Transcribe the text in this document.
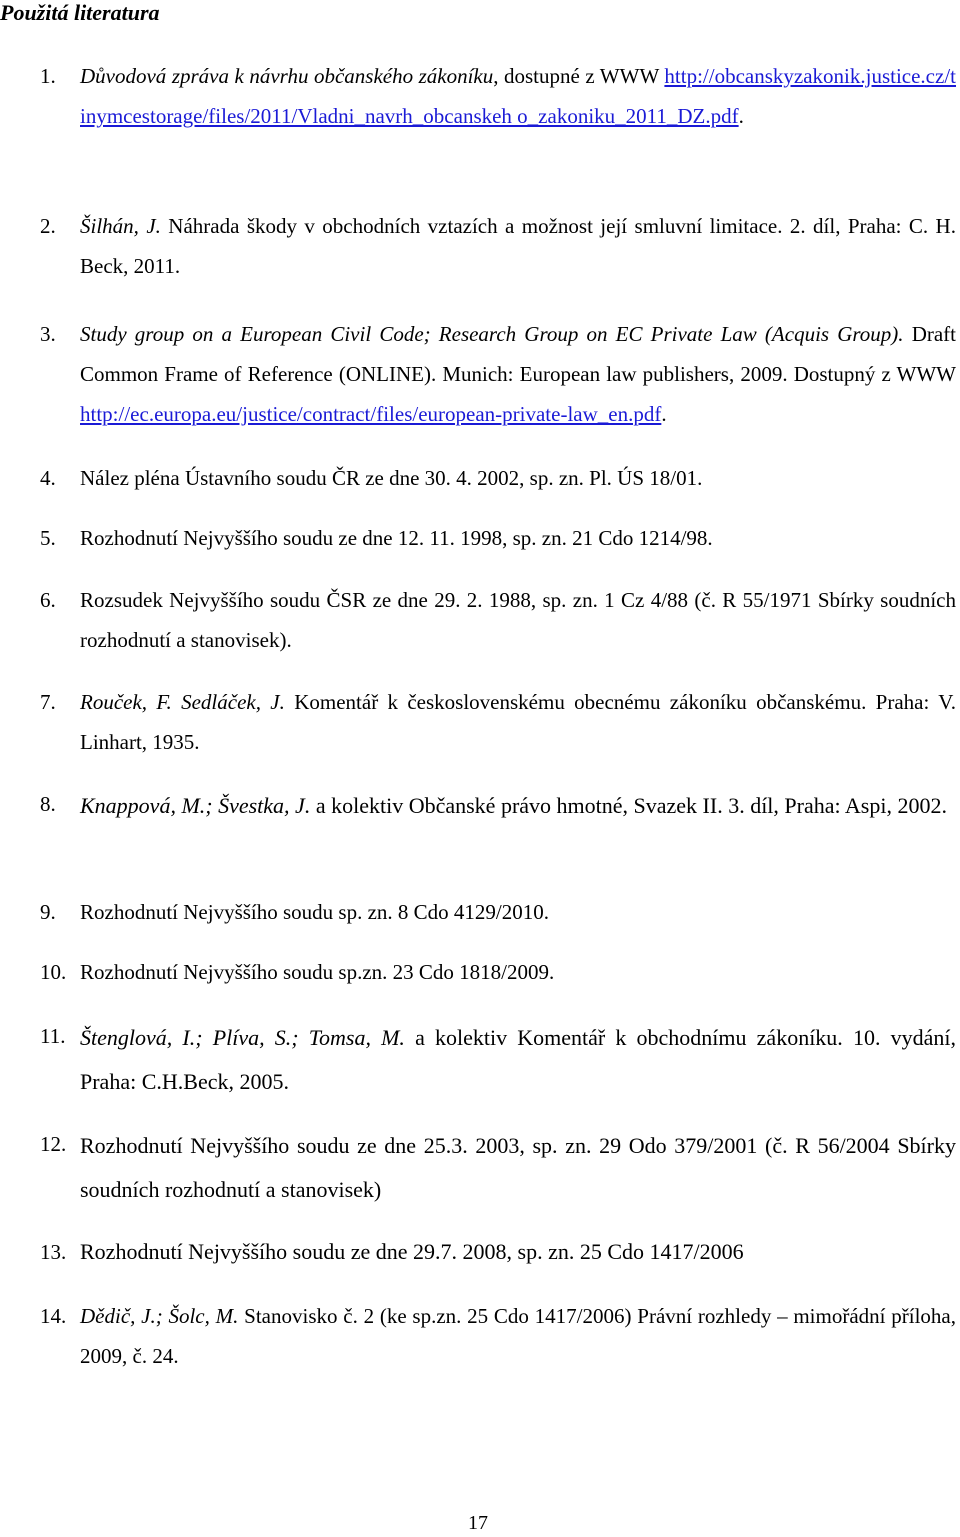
Použitá literatura
1. Důvodová zpráva k návrhu občanského zákoníku, dostupné z WWW http://obcanskyzakonik.justice.cz/tinymcestorage/files/2011/Vladni_navrh_obcanskeh o_zakoniku_2011_DZ.pdf.
2. Šilhán, J. Náhrada škody v obchodních vztazích a možnost její smluvní limitace. 2. díl, Praha: C. H. Beck, 2011.
3. Study group on a European Civil Code; Research Group on EC Private Law (Acquis Group). Draft Common Frame of Reference (ONLINE). Munich: European law publishers, 2009. Dostupný z WWW http://ec.europa.eu/justice/contract/files/european-private-law_en.pdf.
4. Nález pléna Ústavního soudu ČR ze dne 30. 4. 2002, sp. zn. Pl. ÚS 18/01.
5. Rozhodnutí Nejvyššího soudu ze dne 12. 11. 1998, sp. zn. 21 Cdo 1214/98.
6. Rozsudek Nejvyššího soudu ČSR ze dne 29. 2. 1988, sp. zn. 1 Cz 4/88 (č. R 55/1971 Sbírky soudních rozhodnutí a stanovisek).
7. Rouček, F. Sedláček, J. Komentář k československému obecnému zákoníku občanskému. Praha: V. Linhart, 1935.
8. Knappová, M.; Švestka, J. a kolektiv Občanské právo hmotné, Svazek II. 3. díl, Praha: Aspi, 2002.
9. Rozhodnutí Nejvyššího soudu sp. zn. 8 Cdo 4129/2010.
10. Rozhodnutí Nejvyššího soudu sp.zn. 23 Cdo 1818/2009.
11. Štenglová, I.; Plíva, S.; Tomsa, M. a kolektiv Komentář k obchodnímu zákoníku. 10. vydání, Praha: C.H.Beck, 2005.
12. Rozhodnutí Nejvyššího soudu ze dne 25.3. 2003, sp. zn. 29 Odo 379/2001 (č. R 56/2004 Sbírky soudních rozhodnutí a stanovisek)
13. Rozhodnutí Nejvyššího soudu ze dne 29.7. 2008, sp. zn. 25 Cdo 1417/2006
14. Dědič, J.; Šolc, M. Stanovisko č. 2 (ke sp.zn. 25 Cdo 1417/2006) Právní rozhledy – mimořádní příloha, 2009, č. 24.
17
